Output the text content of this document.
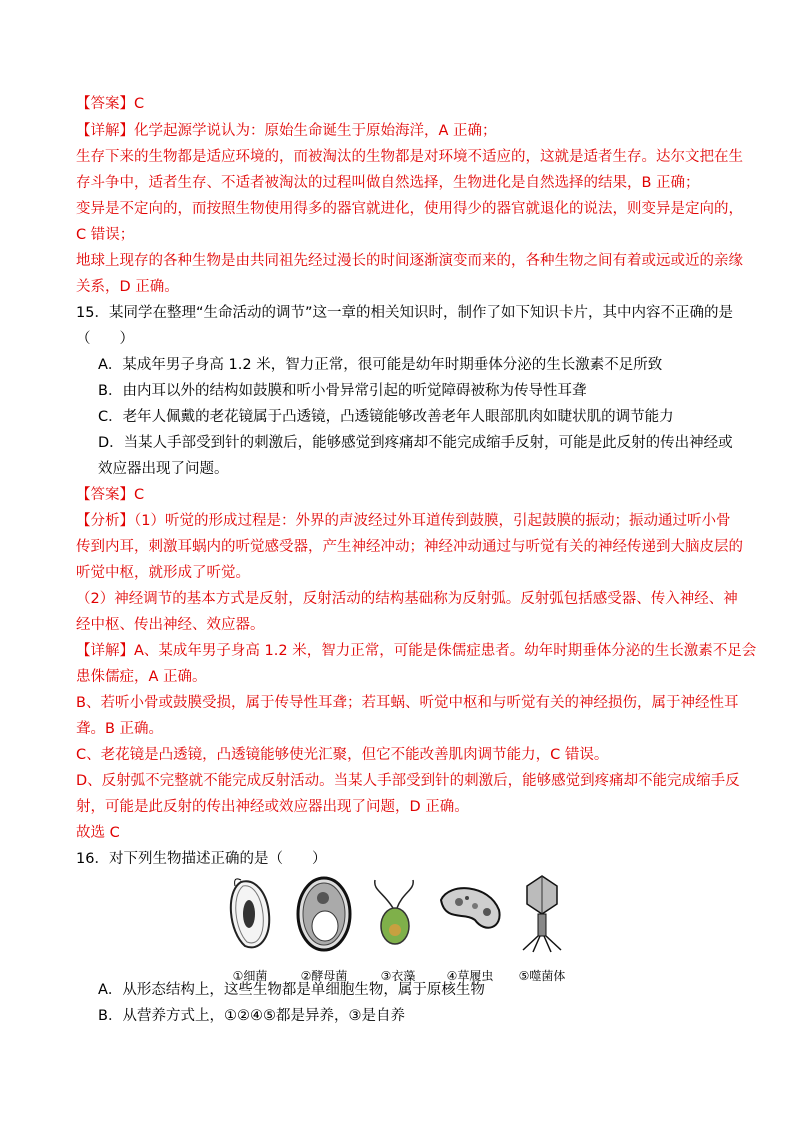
【答案】C
【详解】化学起源学说认为：原始生命诞生于原始海洋，A 正确；
生存下来的生物都是适应环境的，而被淘汰的生物都是对环境不适应的，这就是适者生存。达尔文把在生
存斗争中，适者生存、不适者被淘汰的过程叫做自然选择，生物进化是自然选择的结果，B 正确；
变异是不定向的，而按照生物使用得多的器官就进化，使用得少的器官就退化的说法，则变异是定向的，
C 错误；
地球上现存的各种生物是由共同祖先经过漫长的时间逐渐演变而来的，各种生物之间有着或远或近的亲缘
关系，D 正确。
15．某同学在整理“生命活动的调节”这一章的相关知识时，制作了如下知识卡片，其中内容不正确的是
（　　）
A．某成年男子身高 1.2 米，智力正常，很可能是幼年时期垂体分泌的生长激素不足所致
B．由内耳以外的结构如鼓膜和听小骨异常引起的听觉障碍被称为传导性耳聋
C．老年人佩戴的老花镜属于凸透镜，凸透镜能够改善老年人眼部肌肉如睫状肌的调节能力
D．当某人手部受到针的刺激后，能够感觉到疼痛却不能完成缩手反射，可能是此反射的传出神经或
效应器出现了问题。
【答案】C
【分析】（1）听觉的形成过程是：外界的声波经过外耳道传到鼓膜，引起鼓膜的振动；振动通过听小骨
传到内耳，刺激耳蜗内的听觉感受器，产生神经冲动；神经冲动通过与听觉有关的神经传递到大脑皮层的
听觉中枢，就形成了听觉。
（2）神经调节的基本方式是反射，反射活动的结构基础称为反射弧。反射弧包括感受器、传入神经、神
经中枢、传出神经、效应器。
【详解】A、某成年男子身高 1.2 米，智力正常，可能是侏儒症患者。幼年时期垂体分泌的生长激素不足会
患侏儒症，A 正确。
B、若听小骨或鼓膜受损，属于传导性耳聋；若耳蜗、听觉中枢和与听觉有关的神经损伤，属于神经性耳
聋。B 正确。
C、老花镜是凸透镜，凸透镜能够使光汇聚，但它不能改善肌肉调节能力，C 错误。
D、反射弧不完整就不能完成反射活动。当某人手部受到针的刺激后，能够感觉到疼痛却不能完成缩手反
射，可能是此反射的传出神经或效应器出现了问题，D 正确。
故选 C
16．对下列生物描述正确的是（　　）
①细菌	②酵母菌	③衣藻	④草履虫	⑤噬菌体
A．从形态结构上，这些生物都是单细胞生物，属于原核生物
B．从营养方式上，①②④⑤都是异养，③是自养
